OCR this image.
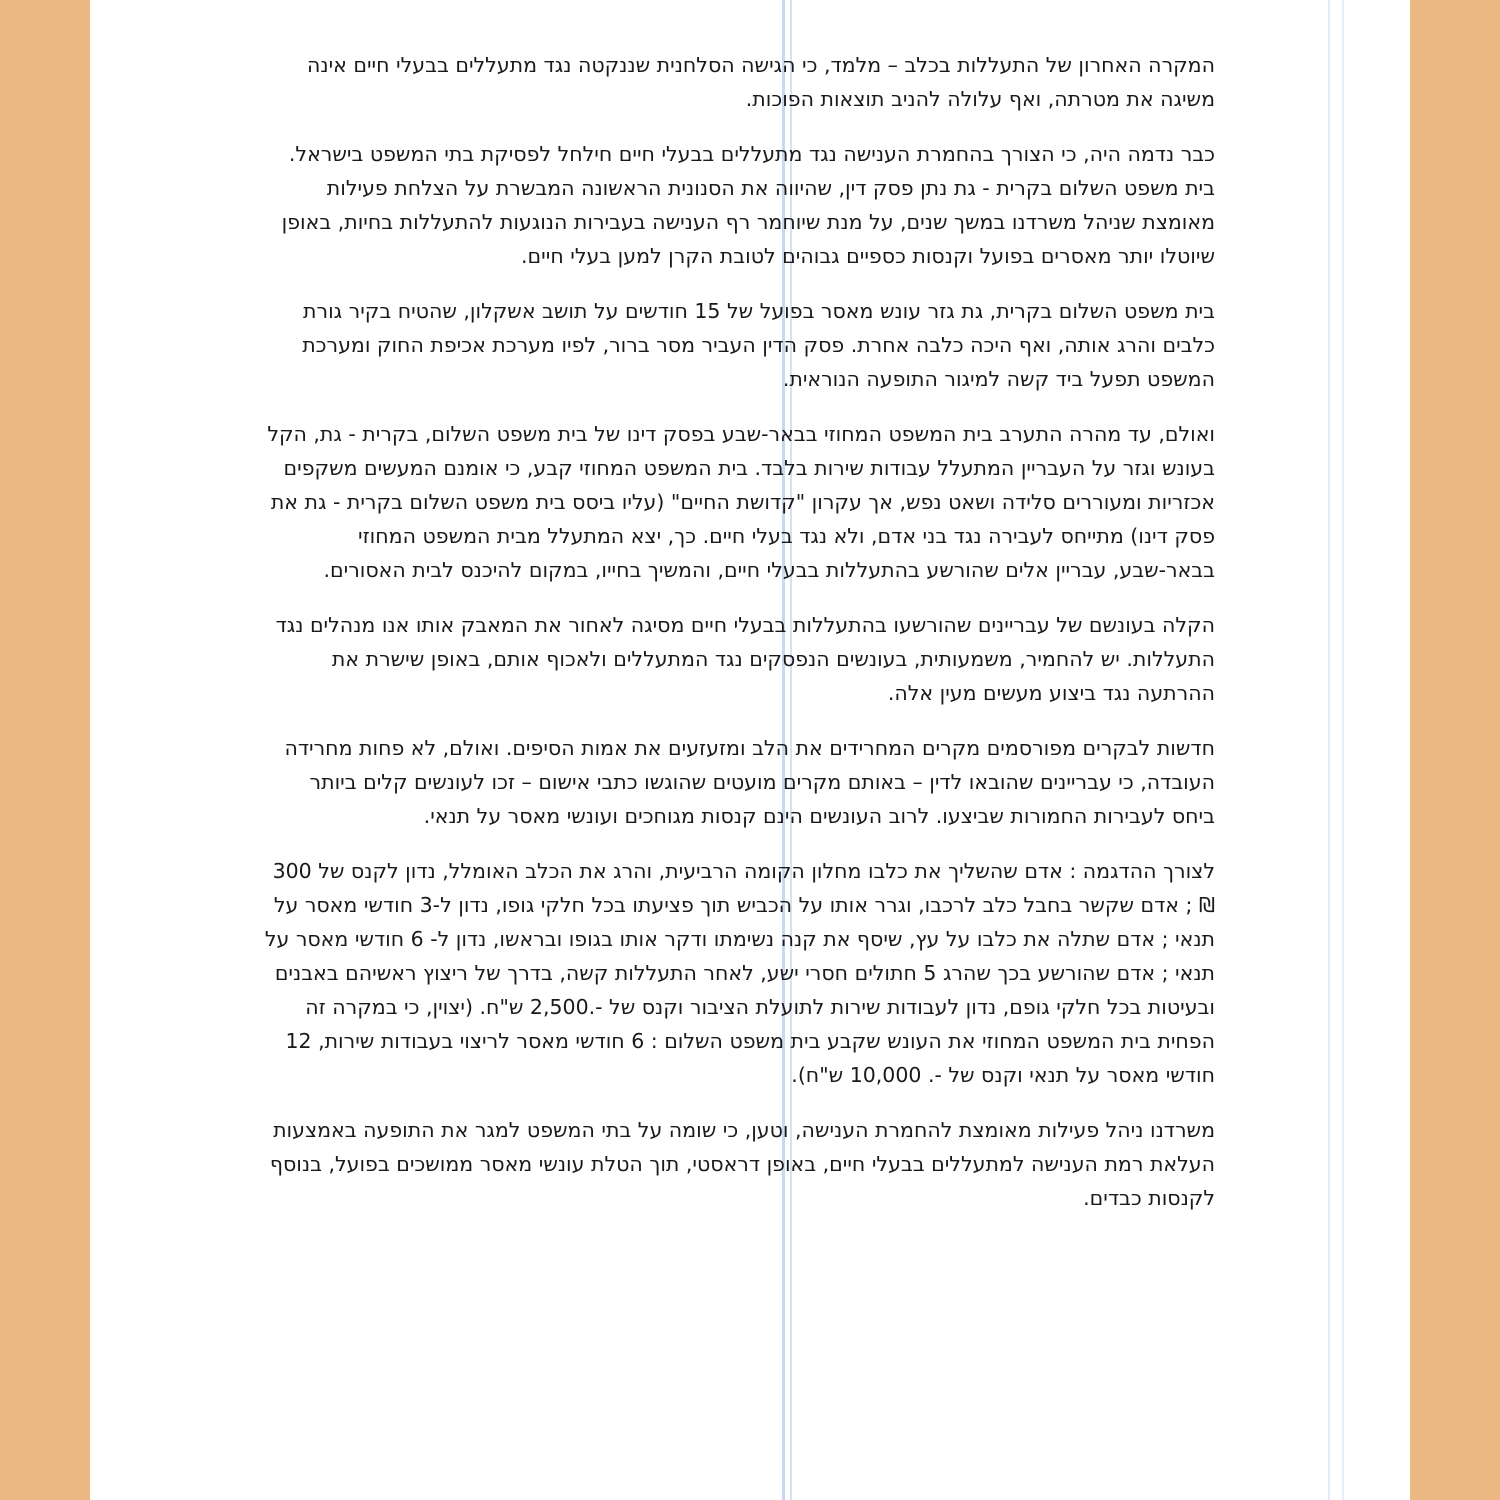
המקרה האחרון של התעללות בכלב – מלמד, כי הגישה הסלחנית שננקטה נגד מתעללים בבעלי חיים אינה משיגה את מטרתה, ואף עלולה להניב תוצאות הפוכות.

כבר נדמה היה, כי הצורך בהחמרת הענישה נגד מתעללים בבעלי חיים חילחל לפסיקת בתי המשפט בישראל. בית משפט השלום בקרית - גת נתן פסק דין, שהיווה את הסנונית הראשונה המבשרת על הצלחת פעילות מאומצת שניהל משרדנו במשך שנים, על מנת שיוחמר רף הענישה בעבירות הנוגעות להתעללות בחיות, באופן שיוטלו יותר מאסרים בפועל וקנסות כספיים גבוהים לטובת הקרן למען בעלי חיים.

בית משפט השלום בקרית, גת גזר עונש מאסר בפועל של 15 חודשים על תושב אשקלון, שהטיח בקיר גורת כלבים והרג אותה, ואף היכה כלבה אחרת. פסק הדין העביר מסר ברור, לפיו מערכת אכיפת החוק ומערכת המשפט תפעל ביד קשה למיגור התופעה הנוראית.

ואולם, עד מהרה התערב בית המשפט המחוזי בבאר-שבע בפסק דינו של בית משפט השלום, בקרית - גת, הקל בעונש וגזר על העבריין המתעלל עבודות שירות בלבד. בית המשפט המחוזי קבע, כי אומנם המעשים משקפים אכזריות ומעוררים סלידה ושאט נפש, אך עקרון "קדושת החיים" (עליו ביסס בית משפט השלום בקרית - גת את פסק דינו) מתייחס לעבירה נגד בני אדם, ולא נגד בעלי חיים. כך, יצא המתעלל מבית המשפט המחוזי בבאר-שבע, עבריין אלים שהורשע בהתעללות בבעלי חיים, והמשיך בחייו, במקום להיכנס לבית האסורים.

הקלה בעונשם של עבריינים שהורשעו בהתעללות בבעלי חיים מסיגה לאחור את המאבק אותו אנו מנהלים נגד התעללות. יש להחמיר, משמעותית, בעונשים הנפסקים נגד המתעללים ולאכוף אותם, באופן שישרת את ההרתעה נגד ביצוע מעשים מעין אלה.

חדשות לבקרים מפורסמים מקרים המחרידים את הלב ומזעזעים את אמות הסיפים. ואולם, לא פחות מחרידה העובדה, כי עבריינים שהובאו לדין – באותם מקרים מועטים שהוגשו כתבי אישום – זכו לעונשים קלים ביותר ביחס לעבירות החמורות שביצעו. לרוב העונשים הינם קנסות מגוחכים ועונשי מאסר על תנאי.

לצורך ההדגמה : אדם שהשליך את כלבו מחלון הקומה הרביעית, והרג את הכלב האומלל, נדון לקנס של 300 ₪ ; אדם שקשר בחבל כלב לרכבו, וגרר אותו על הכביש תוך פציעתו בכל חלקי גופו, נדון ל-3 חודשי מאסר על תנאי ; אדם שתלה את כלבו על עץ, שיסף את קנה נשימתו ודקר אותו בגופו ובראשו, נדון ל- 6 חודשי מאסר על תנאי ; אדם שהורשע בכך שהרג 5 חתולים חסרי ישע, לאחר התעללות קשה, בדרך של ריצוץ ראשיהם באבנים ובעיטות בכל חלקי גופם, נדון לעבודות שירות לתועלת הציבור וקנס של -.2,500 ש"ח. (יצוין, כי במקרה זה הפחית בית המשפט המחוזי את העונש שקבע בית משפט השלום : 6 חודשי מאסר לריצוי בעבודות שירות, 12 חודשי מאסר על תנאי וקנס של -. 10,000 ש"ח).

משרדנו ניהל פעילות מאומצת להחמרת הענישה, וטען, כי שומה על בתי המשפט למגר את התופעה באמצעות העלאת רמת הענישה למתעללים בבעלי חיים, באופן דראסטי, תוך הטלת עונשי מאסר ממושכים בפועל, בנוסף לקנסות כבדים.
